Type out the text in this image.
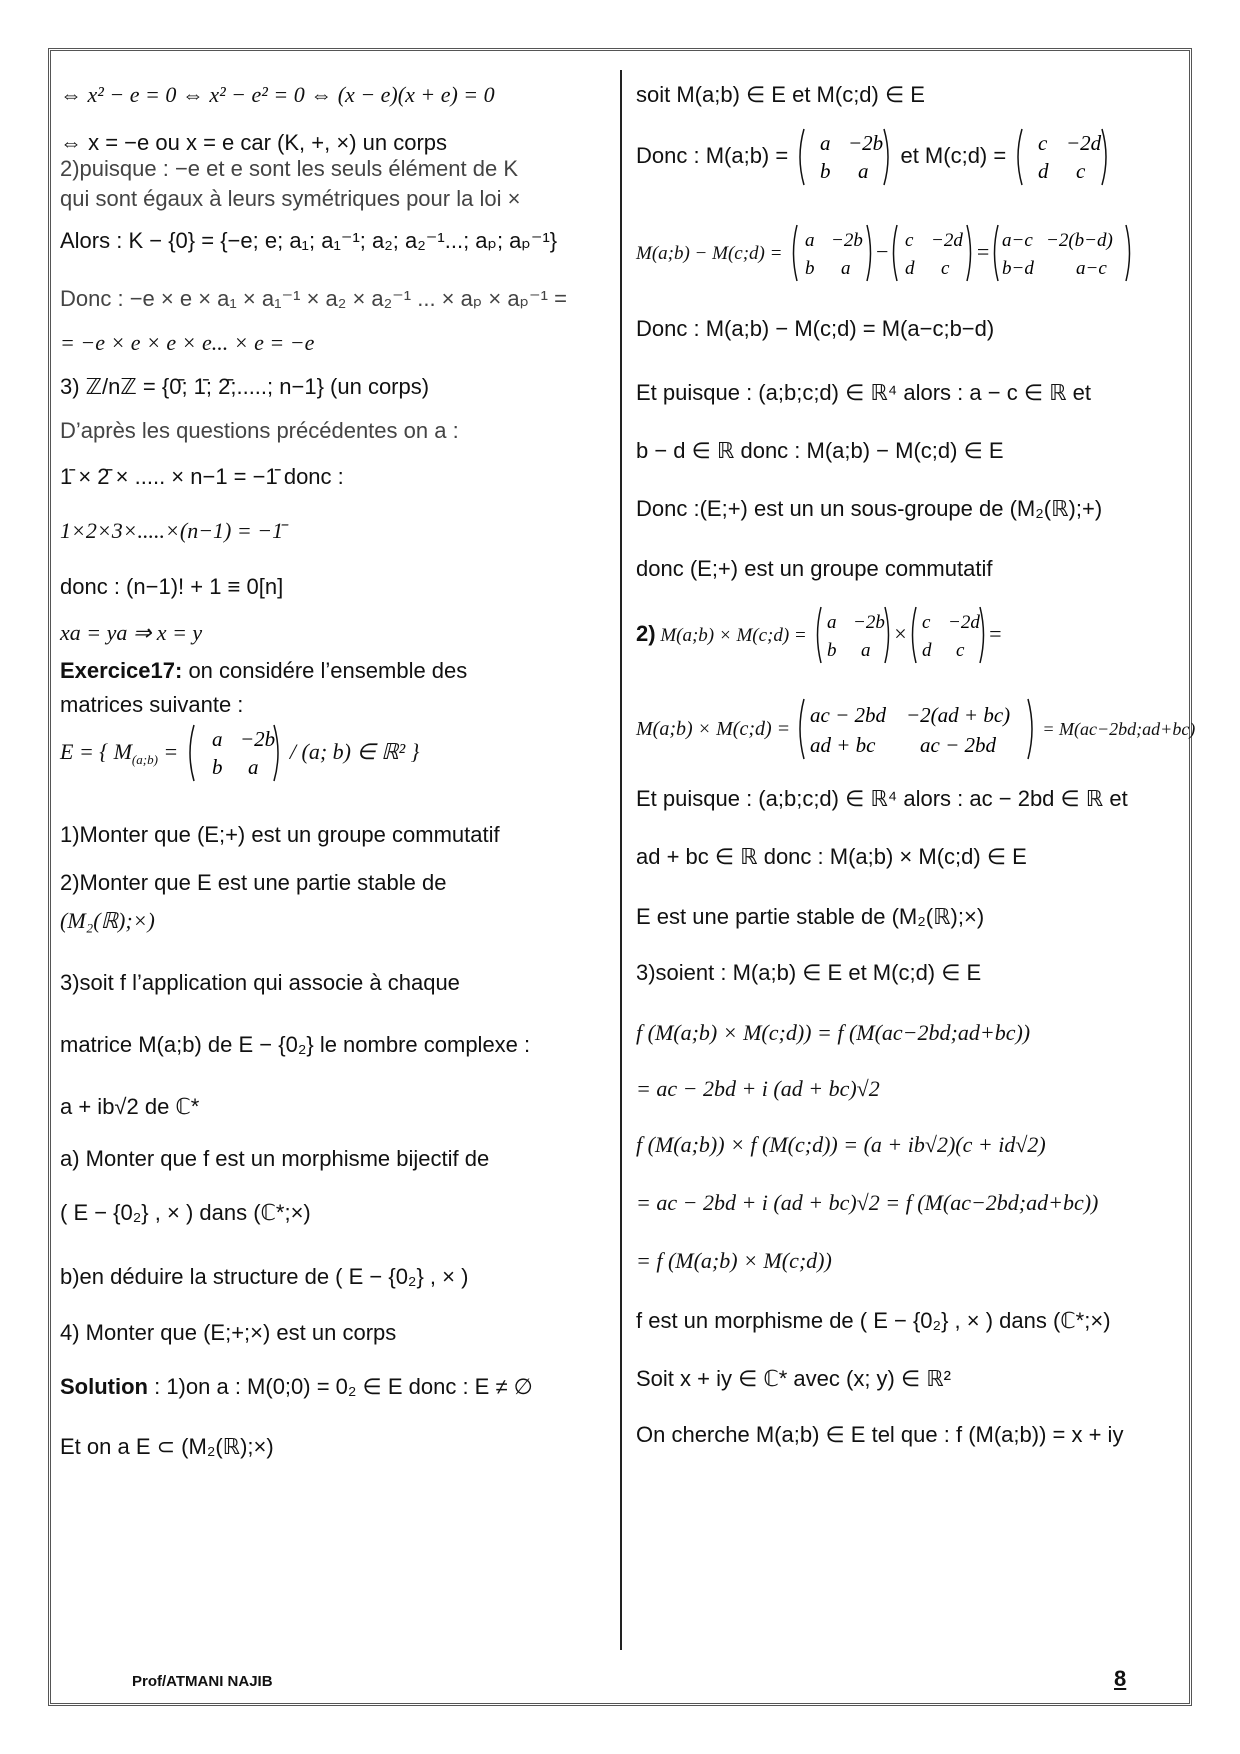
⇔ x² − e = 0 ⇔ x² − e² = 0 ⇔ (x − e)(x + e) = 0
⇔ x = −e ou x = e car (K, +, ×) un corps
2)puisque : −e et e sont les seuls élément de K
qui sont égaux à leurs symétriques pour la loi ×
Alors : K − {0} = {−e; e; a₁; a₁⁻¹; a₂; a₂⁻¹...; aₚ; aₚ⁻¹}
Donc : −e × e × a₁ × a₁⁻¹ × a₂ × a₂⁻¹ ... × aₚ × aₚ⁻¹ =
= −e × e × e × e... × e = −e
3) ℤ/nℤ = {0̄; 1̄; 2̄;.....; n−1} (un corps)
D’après les questions précédentes on a :
1̄ × 2̄ × ..... × n−1 = −1̄ donc :
1×2×3×.....×(n−1) = −1̄
donc : (n−1)! + 1 ≡ 0[n]
xa = ya ⇒ x = y
Exercice17: on considére l’ensemble des
matrices suivante :
E = { $M_{(a;b)} = a -2b$
b a
/ (a; b) ∈ ℝ² }
1)Monter que (E;+) est un groupe commutatif
2)Monter que E est une partie stable de
(M₂(ℝ);×)
3)soit f l’application qui associe à chaque
matrice M(a;b) de E − {0₂} le nombre complexe :
a + ib√2 de ℂ*
a) Monter que f est un morphisme bijectif de
( E − {0₂} , × ) dans (ℂ*;×)
b)en déduire la structure de ( E − {0₂} , × )
4) Monter que (E;+;×) est un corps
Solution : 1)on a : M(0;0) = 0₂ ∈ E donc : E ≠ ∅
Et on a E ⊂ (M₂(ℝ);×)
soit M(a;b) ∈ E et M(c;d) ∈ E
Donc : M(a;b) = a −2b
b a
et M(c;d) = c −2d
d c
M(a;b) − M(c;d) =
a −2b
b a
− c −2d
d c
= a−c −2(b−d)
b−d a−c
Donc : M(a;b) − M(c;d) = M(a−c;b−d)
Et puisque : (a;b;c;d) ∈ ℝ⁴ alors : a − c ∈ ℝ et
b − d ∈ ℝ donc : M(a;b) − M(c;d) ∈ E
Donc :(E;+) est un un sous-groupe de (M₂(ℝ);+)
donc (E;+) est un groupe commutatif
2) M(a;b) × M(c;d) =
a −2b
b a
× c −2d
d c
=
M(a;b) × M(c;d) =
ac − 2bd −2(ad + bc)
ad + bc ac − 2bd
= M(ac−2bd;ad+bc)
Et puisque : (a;b;c;d) ∈ ℝ⁴ alors : ac − 2bd ∈ ℝ et
ad + bc ∈ ℝ donc : M(a;b) × M(c;d) ∈ E
E est une partie stable de (M₂(ℝ);×)
3)soient : M(a;b) ∈ E et M(c;d) ∈ E
f (M(a;b) × M(c;d)) = f (M(ac−2bd;ad+bc))
= ac − 2bd + i (ad + bc)√2
f (M(a;b)) × f (M(c;d)) = (a + ib√2)(c + id√2)
= ac − 2bd + i (ad + bc)√2 = f (M(ac−2bd;ad+bc))
= f (M(a;b) × M(c;d))
f est un morphisme de ( E − {0₂} , × ) dans (ℂ*;×)
Soit x + iy ∈ ℂ* avec (x; y) ∈ ℝ²
On cherche M(a;b) ∈ E tel que : f (M(a;b)) = x + iy
Prof/ATMANI NAJIB	8
